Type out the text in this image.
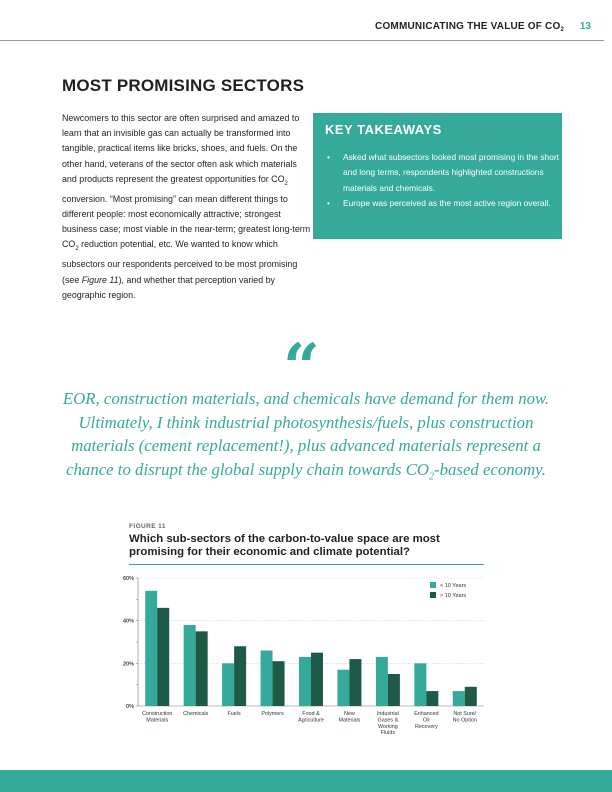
COMMUNICATING THE VALUE OF $CO_2$ 13
MOST PROMISING SECTORS

Newcomers to this sector are often surprised and amazed to learn that an invisible gas can actually be transformed into tangible, practical items like bricks, shoes, and fuels. On the other hand, veterans of the sector often ask which materials and products represent the greatest opportunities for $CO_2$ conversion. “Most promising” can mean different things to different people: most economically attractive; strongest business case; most viable in the near-term; greatest long-term $CO_2$ reduction potential, etc. We wanted to know which subsectors our respondents perceived to be most promising (see Figure 11), and whether that perception varied by geographic region.

KEY TAKEAWAYS
• Asked what subsectors looked most promising in the short and long terms, respondents highlighted constructions materials and chemicals.
• Europe was perceived as the most active region overall.
“

EOR, construction materials, and chemicals have demand for them now. Ultimately, I think industrial photosynthesis/fuels, plus construction materials (cement replacement!), plus advanced materials represent a chance to disrupt the global supply chain towards $CO_2$-based economy.

FIGURE 11
Which sub-sectors of the carbon-to-value space are most promising for their economic and climate potential?
0%
20%
40%
60%
Construction
Materials
Chemicals	Fuels	Polymers	Food &
Agriculture
New
Materials
Industrial
Gases &
Working
Fluids
Enhanced
Oil
Recovery
Not Sure/
No Option
< 10 Years
> 10 Years
